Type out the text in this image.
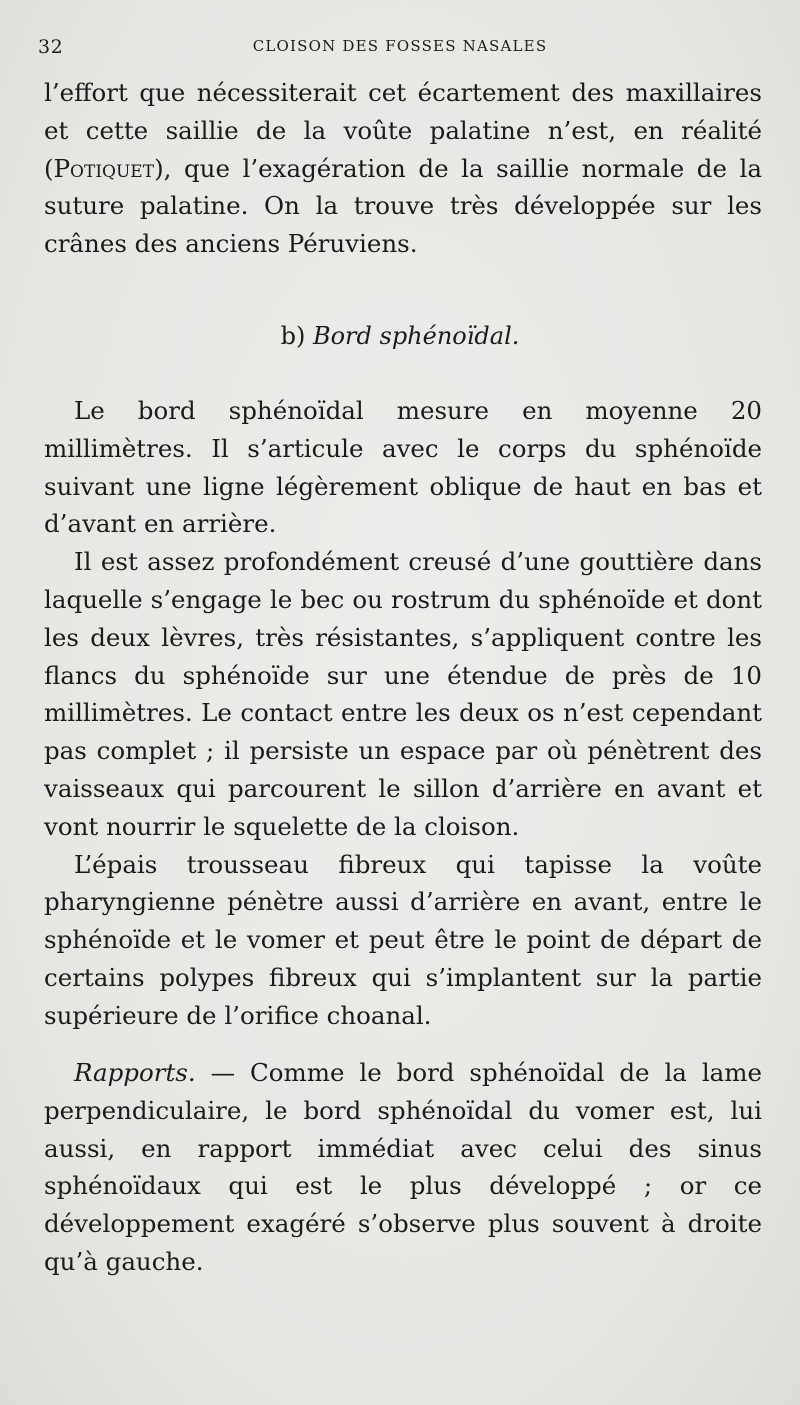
32	CLOISON DES FOSSES NASALES

l’effort que nécessiterait cet écartement des maxillaires et cette saillie de la voûte palatine n’est, en réalité (Potiquet), que l’exagération de la saillie normale de la suture palatine. On la trouve très développée sur les crânes des anciens Péruviens.

b) Bord sphénoïdal.

Le bord sphénoïdal mesure en moyenne 20 millimètres. Il s’articule avec le corps du sphénoïde suivant une ligne légèrement oblique de haut en bas et d’avant en arrière.

Il est assez profondément creusé d’une gouttière dans laquelle s’engage le bec ou rostrum du sphénoïde et dont les deux lèvres, très résistantes, s’appliquent contre les flancs du sphénoïde sur une étendue de près de 10 millimètres. Le contact entre les deux os n’est cependant pas complet ; il persiste un espace par où pénètrent des vaisseaux qui parcourent le sillon d’arrière en avant et vont nourrir le squelette de la cloison.

L’épais trousseau fibreux qui tapisse la voûte pharyngienne pénètre aussi d’arrière en avant, entre le sphénoïde et le vomer et peut être le point de départ de certains polypes fibreux qui s’implantent sur la partie supérieure de l’orifice choanal.

Rapports. — Comme le bord sphénoïdal de la lame perpendiculaire, le bord sphénoïdal du vomer est, lui aussi, en rapport immédiat avec celui des sinus sphénoïdaux qui est le plus développé ; or ce développement exagéré s’observe plus souvent à droite qu’à gauche.
